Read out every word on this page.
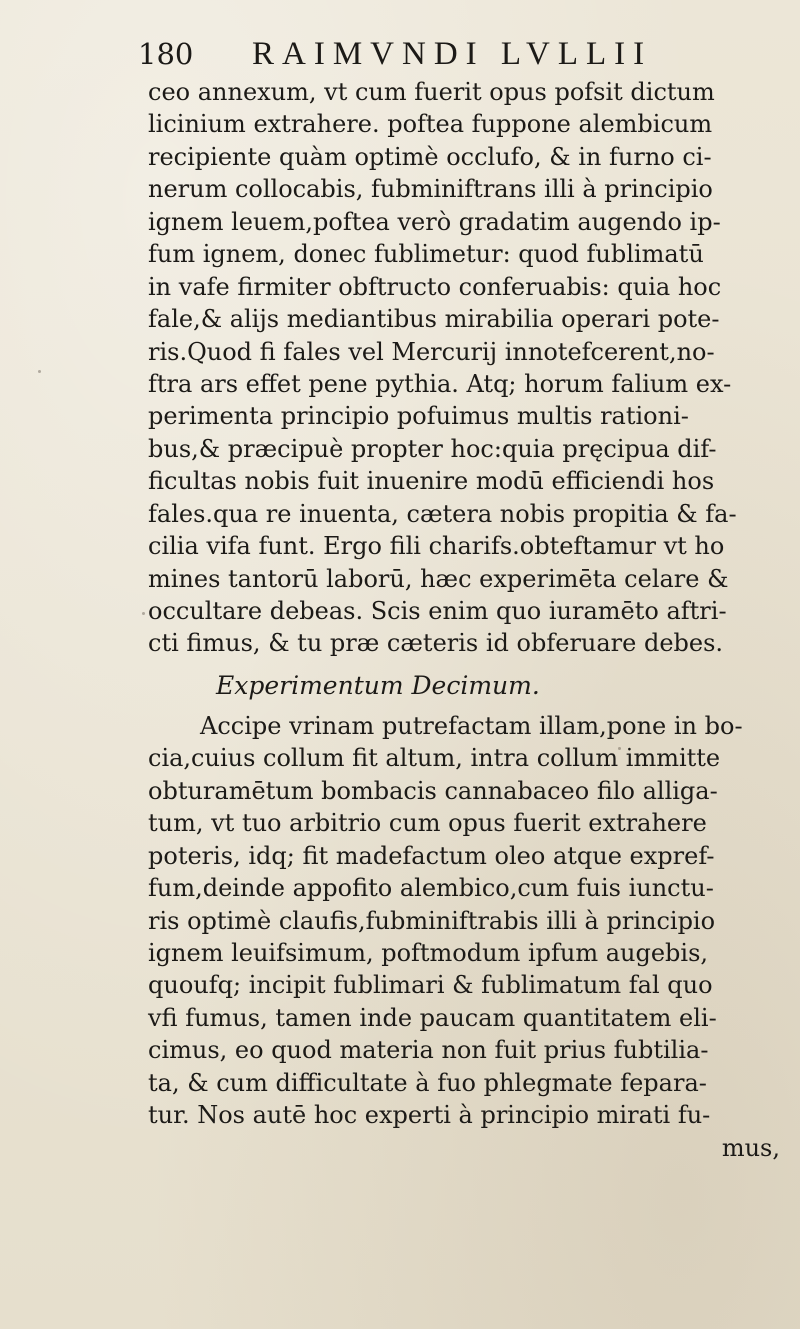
180 RAIMVNDI LVLLII
ceo annexum, vt cum fuerit opus pofsit dictum
licinium extrahere. poftea fuppone alembicum
recipiente quàm optimè occlufo, & in furno ci-
nerum collocabis, fubminiftrans illi à principio
ignem leuem,poftea verò gradatim augendo ip-
fum ignem, donec fublimetur: quod fublimatū
in vafe firmiter obftructo conferuabis: quia hoc
fale,& alijs mediantibus mirabilia operari pote-
ris.Quod fi fales vel Mercurij innotefcerent,no-
ftra ars effet pene pythia. Atq; horum falium ex-
perimenta principio pofuimus multis rationi-
bus,& præcipuè propter hoc:quia pręcipua dif-
ficultas nobis fuit inuenire modū efficiendi hos
fales.qua re inuenta, cætera nobis propitia & fa-
cilia vifa funt. Ergo fili charifs.obteftamur vt ho
mines tantorū laborū, hæc experimēta celare &
occultare debeas. Scis enim quo iuramēto aftri-
cti fimus, & tu præ cæteris id obferuare debes.
Experimentum Decimum.
Accipe vrinam putrefactam illam,pone in bo-
cia,cuius collum fit altum, intra collum immitte
obturamētum bombacis cannabaceo filo alliga-
tum, vt tuo arbitrio cum opus fuerit extrahere
poteris, idq; fit madefactum oleo atque expref-
fum,deinde appofito alembico,cum fuis iunctu-
ris optimè claufis,fubminiftrabis illi à principio
ignem leuifsimum, poftmodum ipfum augebis,
quoufq; incipit fublimari & fublimatum fal quo
vfi fumus, tamen inde paucam quantitatem eli-
cimus, eo quod materia non fuit prius fubtilia-
ta, & cum difficultate à fuo phlegmate fepara-
tur. Nos autē hoc experti à principio mirati fu-
mus,
